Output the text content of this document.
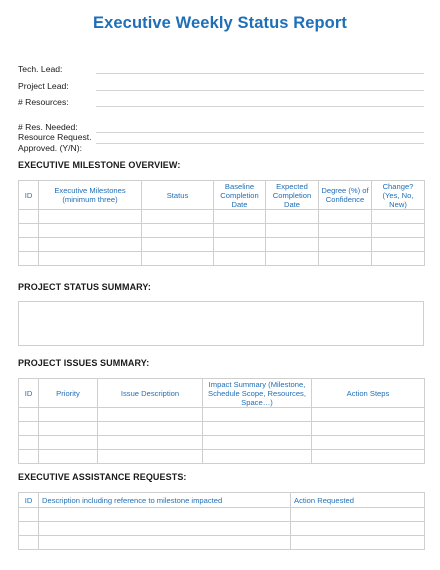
Executive Weekly Status Report
Tech. Lead:
Project Lead:
# Resources:
# Res. Needed:
Resource Request.
Approved. (Y/N):
EXECUTIVE MILESTONE OVERVIEW:
ID	Executive Milestones (minimum three)	Status	Baseline Completion Date	Expected Completion Date	Degree (%) of Confidence	Change? (Yes, No, New)

PROJECT STATUS SUMMARY:
PROJECT ISSUES SUMMARY:
ID	Priority	Issue Description	Impact Summary (Milestone, Schedule Scope, Resources, Space…)	Action Steps

EXECUTIVE ASSISTANCE REQUESTS:
ID	Description including reference to milestone impacted	Action Requested
